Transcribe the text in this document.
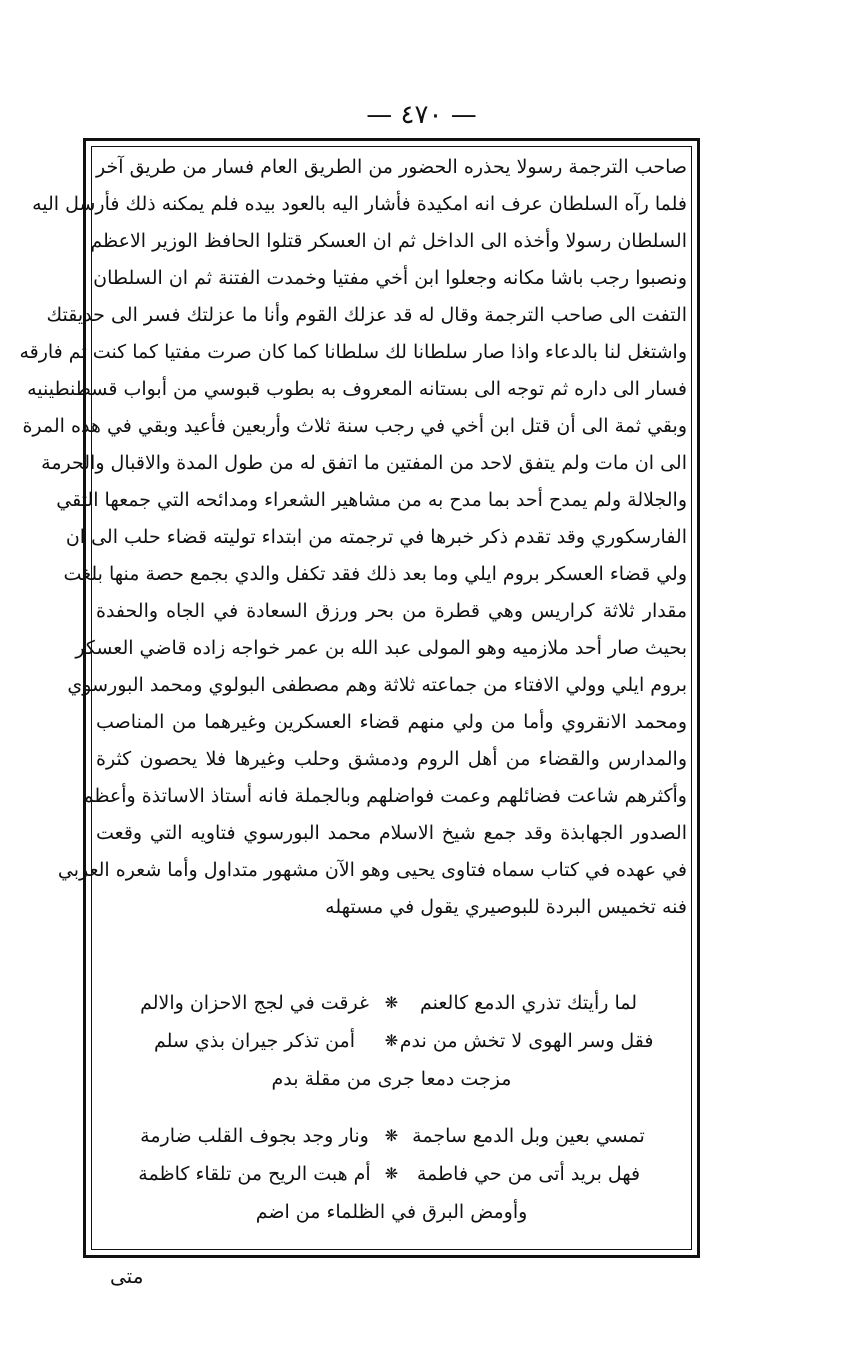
— ٤٧٠ —
صاحب الترجمة رسولا يحذره الحضور من الطريق العام فسار من طريق آخر
فلما رآه السلطان عرف انه امكيدة فأشار اليه بالعود بيده فلم يمكنه ذلك فأرسل اليه
السلطان رسولا وأخذه الى الداخل ثم ان العسكر قتلوا الحافظ الوزير الاعظم
ونصبوا رجب باشا مكانه وجعلوا ابن أخي مفتيا وخمدت الفتنة ثم ان السلطان
التفت الى صاحب الترجمة وقال له قد عزلك القوم وأنا ما عزلتك فسر الى حديقتك
واشتغل لنا بالدعاء واذا صار سلطانا لك سلطانا كما كان صرت مفتيا كما كنت ثم فارقه
فسار الى داره ثم توجه الى بستانه المعروف به بطوب قبوسي من أبواب قسطنطينيه
وبقي ثمة الى أن قتل ابن أخي في رجب سنة ثلاث وأربعين فأعيد وبقي في هذه المرة
الى ان مات ولم يتفق لاحد من المفتين ما اتفق له من طول المدة والاقبال والحرمة
والجلالة ولم يمدح أحد بما مدح به من مشاهير الشعراء ومدائحه التي جمعها التقي
الفارسكوري وقد تقدم ذكر خبرها في ترجمته من ابتداء توليته قضاء حلب الى ان
ولي قضاء العسكر بروم ايلي وما بعد ذلك فقد تكفل والدي بجمع حصة منها بلغت
مقدار ثلاثة كراريس وهي قطرة من بحر ورزق السعادة في الجاه والحفدة
بحيث صار أحد ملازميه وهو المولى عبد الله بن عمر خواجه زاده قاضي العسكر
بروم ايلي وولي الافتاء من جماعته ثلاثة وهم مصطفى البولوي ومحمد البورسوي
ومحمد الانقروي وأما من ولي منهم قضاء العسكرين وغيرهما من المناصب
والمدارس والقضاء من أهل الروم ودمشق وحلب وغيرها فلا يحصون كثرة
وأكثرهم شاعت فضائلهم وعمت فواضلهم وبالجملة فانه أستاذ الاساتذة وأعظم
الصدور الجهابذة وقد جمع شيخ الاسلام محمد البورسوي فتاويه التي وقعت
في عهده في كتاب سماه فتاوى يحيى وهو الآن مشهور متداول وأما شعره العربي
فنه تخميس البردة للبوصيري يقول في مستهله
لما رأيتك تذري الدمع كالعنم
❋
غرقت في لجج الاحزان والالم
فقل وسر الهوى لا تخش من ندم
❋
أمن تذكر جيران بذي سلم
مزجت دمعا جرى من مقلة بدم
تمسي بعين وبل الدمع ساجمة
❋
ونار وجد بجوف القلب ضارمة
فهل بريد أتى من حي فاطمة
❋
أم هبت الريح من تلقاء كاظمة
وأومض البرق في الظلماء من اضم
متى
